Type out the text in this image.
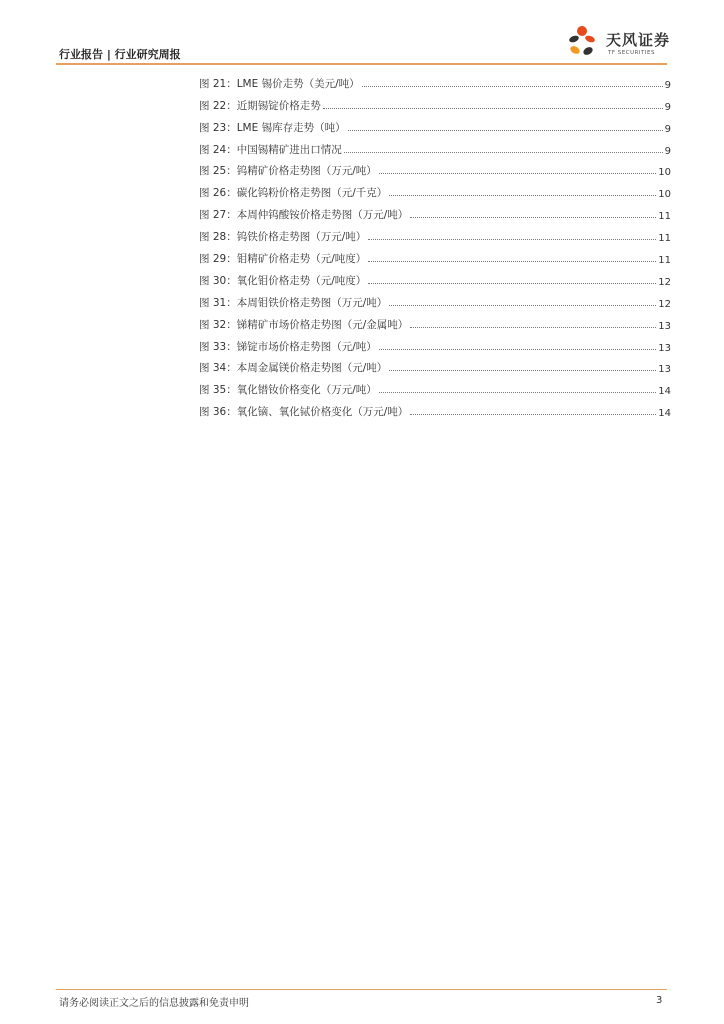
行业报告 | 行业研究周报
天风证券
TF SECURITIES
图 21：LME 锡价走势（美元/吨）	9
图 22：近期锡锭价格走势	9
图 23：LME 锡库存走势（吨）	9
图 24：中国锡精矿进出口情况	9
图 25：钨精矿价格走势图（万元/吨）	10
图 26：碳化钨粉价格走势图（元/千克）	10
图 27：本周仲钨酸铵价格走势图（万元/吨）	11
图 28：钨铁价格走势图（万元/吨）	11
图 29：钼精矿价格走势（元/吨度）	11
图 30：氧化钼价格走势（元/吨度）	12
图 31：本周钼铁价格走势图（万元/吨）	12
图 32：锑精矿市场价格走势图（元/金属吨）	13
图 33：锑锭市场价格走势图（元/吨）	13
图 34：本周金属镁价格走势图（元/吨）	13
图 35：氧化镨钕价格变化（万元/吨）	14
图 36：氧化镝、氧化铽价格变化（万元/吨）	14
请务必阅读正文之后的信息披露和免责申明	3
